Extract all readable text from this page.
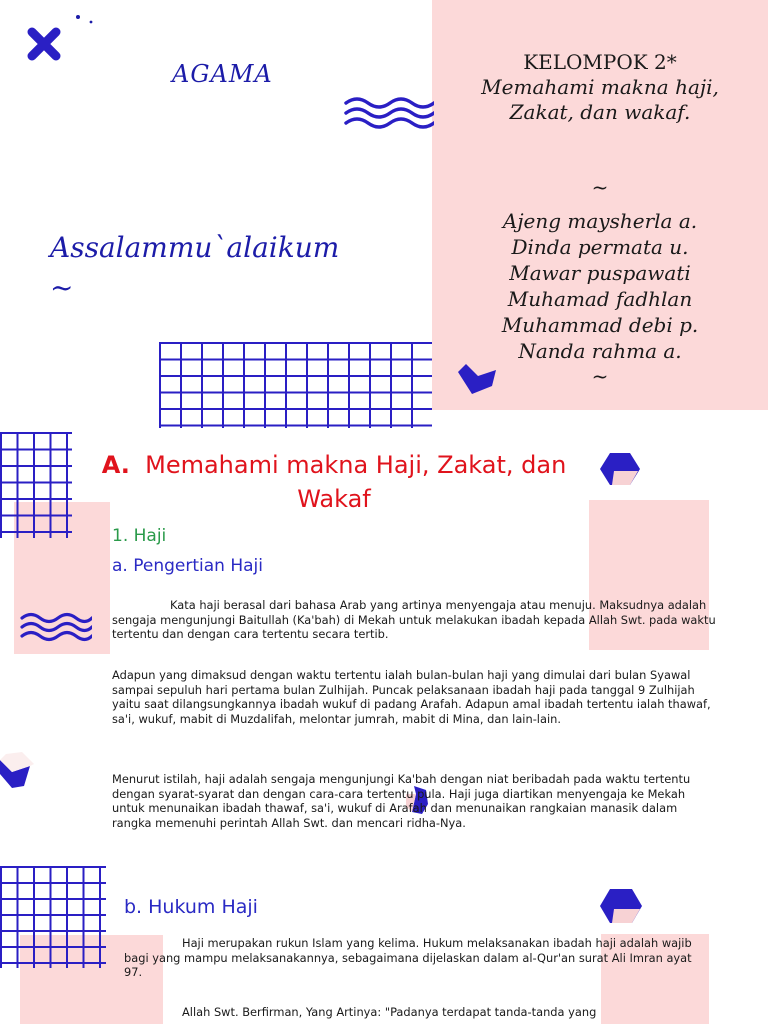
AGAMA
Assalammu`alaikum
~
KELOMPOK 2*
Memahami makna haji,
Zakat, dan wakaf.
~
Ajeng maysherla a.
Dinda permata u.
Mawar puspawati
Muhamad fadhlan
Muhammad debi p.
Nanda rahma a.
~
A. Memahami makna Haji, Zakat, dan
Wakaf
1. Haji
a. Pengertian Haji

Kata haji berasal dari bahasa Arab yang artinya menyengaja atau menuju. Maksudnya adalah sengaja mengunjungi Baitullah (Ka'bah) di Mekah untuk melakukan ibadah kepada Allah Swt. pada waktu tertentu dan dengan cara tertentu secara tertib.

Adapun yang dimaksud dengan waktu tertentu ialah bulan-bulan haji yang dimulai dari bulan Syawal sampai sepuluh hari pertama bulan Zulhijah. Puncak pelaksanaan ibadah haji pada tanggal 9 Zulhijah yaitu saat dilangsungkannya ibadah wukuf di padang Arafah. Adapun amal ibadah tertentu ialah thawaf, sa'i, wukuf, mabit di Muzdalifah, melontar jumrah, mabit di Mina, dan lain-lain.

Menurut istilah, haji adalah sengaja mengunjungi Ka'bah dengan niat beribadah pada waktu tertentu dengan syarat-syarat dan dengan cara-cara tertentu pula. Haji juga diartikan menyengaja ke Mekah untuk menunaikan ibadah thawaf, sa'i, wukuf di Arafah dan menunaikan rangkaian manasik dalam rangka memenuhi perintah Allah Swt. dan mencari ridha-Nya.

b. Hukum Haji

Haji merupakan rukun Islam yang kelima. Hukum melaksanakan ibadah haji adalah wajib bagi yang mampu melaksanakannya, sebagaimana dijelaskan dalam al-Qur'an surat Ali Imran ayat 97.

Allah Swt. Berfirman, Yang Artinya: "Padanya terdapat tanda-tanda yang
